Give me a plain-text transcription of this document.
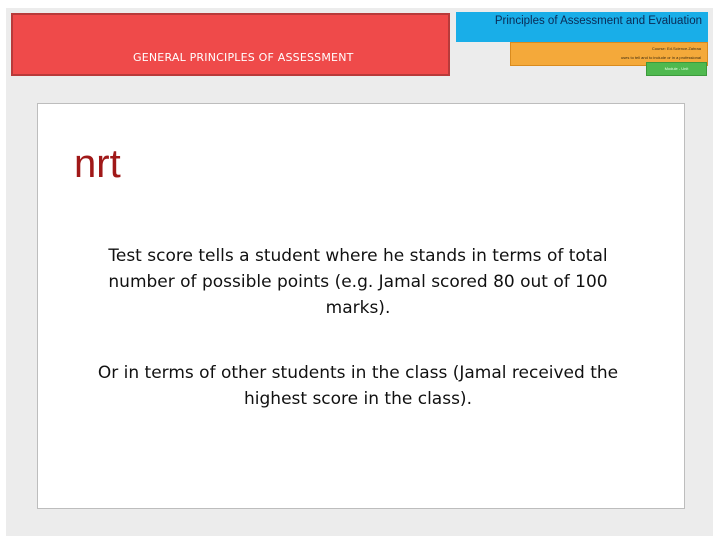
GENERAL PRINCIPLES OF ASSESSMENT
Principles of Assessment and Evaluation
Course: Ed.Science.Zahraa
uses to tell and to include or in a professional
Module - Unit
nrt
Test score tells a student where he stands in terms of total number of possible points (e.g. Jamal scored 80 out of 100 marks).
Or in terms of other students in the class (Jamal received the highest score in the class).
